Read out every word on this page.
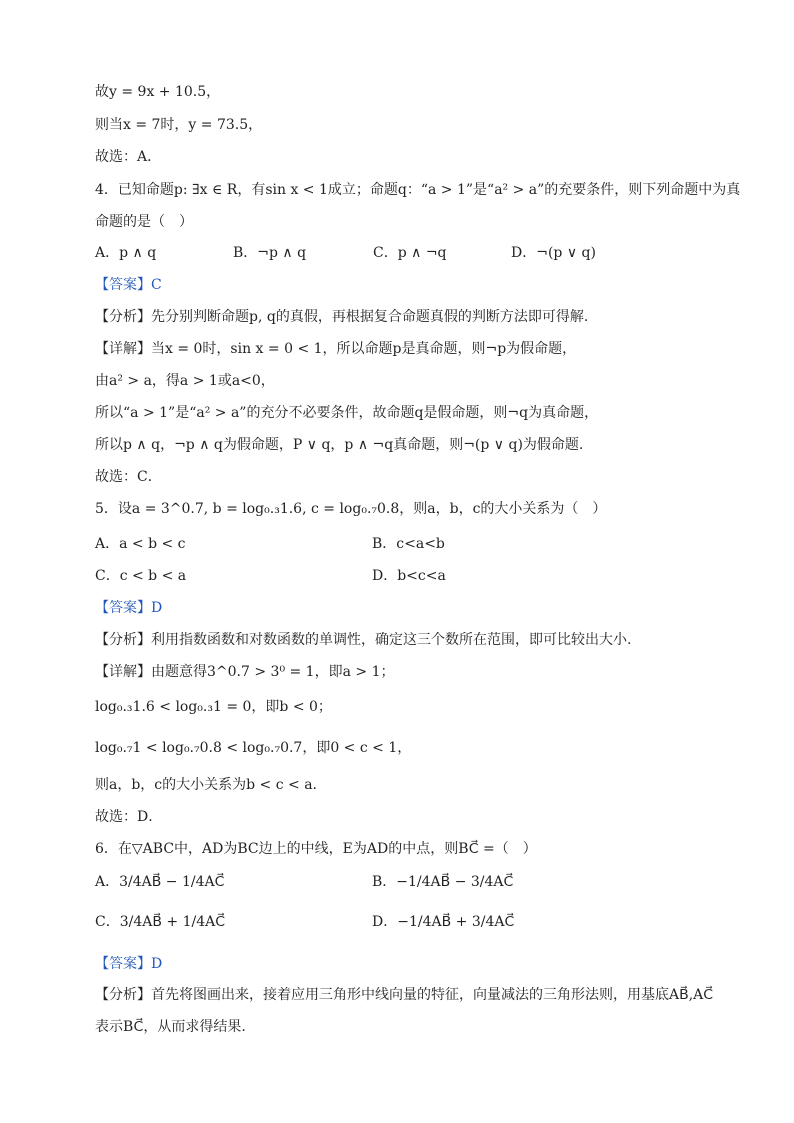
故y = 9x + 10.5，
则当x = 7时，y = 73.5，
故选：A．
4．已知命题p: ∃x ∈ R，有sin x < 1成立；命题q：“a > 1”是“a² > a”的充要条件，则下列命题中为真
命题的是（　）
A．p ∧ q	B．¬p ∧ q	C．p ∧ ¬q	D．¬(p ∨ q)
【答案】C
【分析】先分别判断命题p, q的真假，再根据复合命题真假的判断方法即可得解.
【详解】当x = 0时，sin x = 0 < 1，所以命题p是真命题，则¬p为假命题，
由a² > a，得a > 1或a<0，
所以“a > 1”是“a² > a”的充分不必要条件，故命题q是假命题，则¬q为真命题，
所以p ∧ q，¬p ∧ q为假命题，P ∨ q，p ∧ ¬q真命题，则¬(p ∨ q)为假命题.
故选：C．
5．设a = 3^0.7, b = log₀.₃1.6, c = log₀.₇0.8，则a，b，c的大小关系为（　）
A．a < b < c	B．c<a<b
C．c < b < a	D．b<c<a
【答案】D
【分析】利用指数函数和对数函数的单调性，确定这三个数所在范围，即可比较出大小.
【详解】由题意得3^0.7 > 3⁰ = 1，即a > 1；
log₀.₃1.6 < log₀.₃1 = 0，即b < 0；
log₀.₇1 < log₀.₇0.8 < log₀.₇0.7，即0 < c < 1，
则a，b，c的大小关系为b < c < a.
故选：D．
6．在▽ABC中，AD为BC边上的中线，E为AD的中点，则BC⃗ =（　）
A．3/4AB⃗ − 1/4AC⃗	B．−1/4AB⃗ − 3/4AC⃗
C．3/4AB⃗ + 1/4AC⃗	D．−1/4AB⃗ + 3/4AC⃗
【答案】D
【分析】首先将图画出来，接着应用三角形中线向量的特征，向量减法的三角形法则，用基底AB⃗,AC⃗
表示BC⃗，从而求得结果.
